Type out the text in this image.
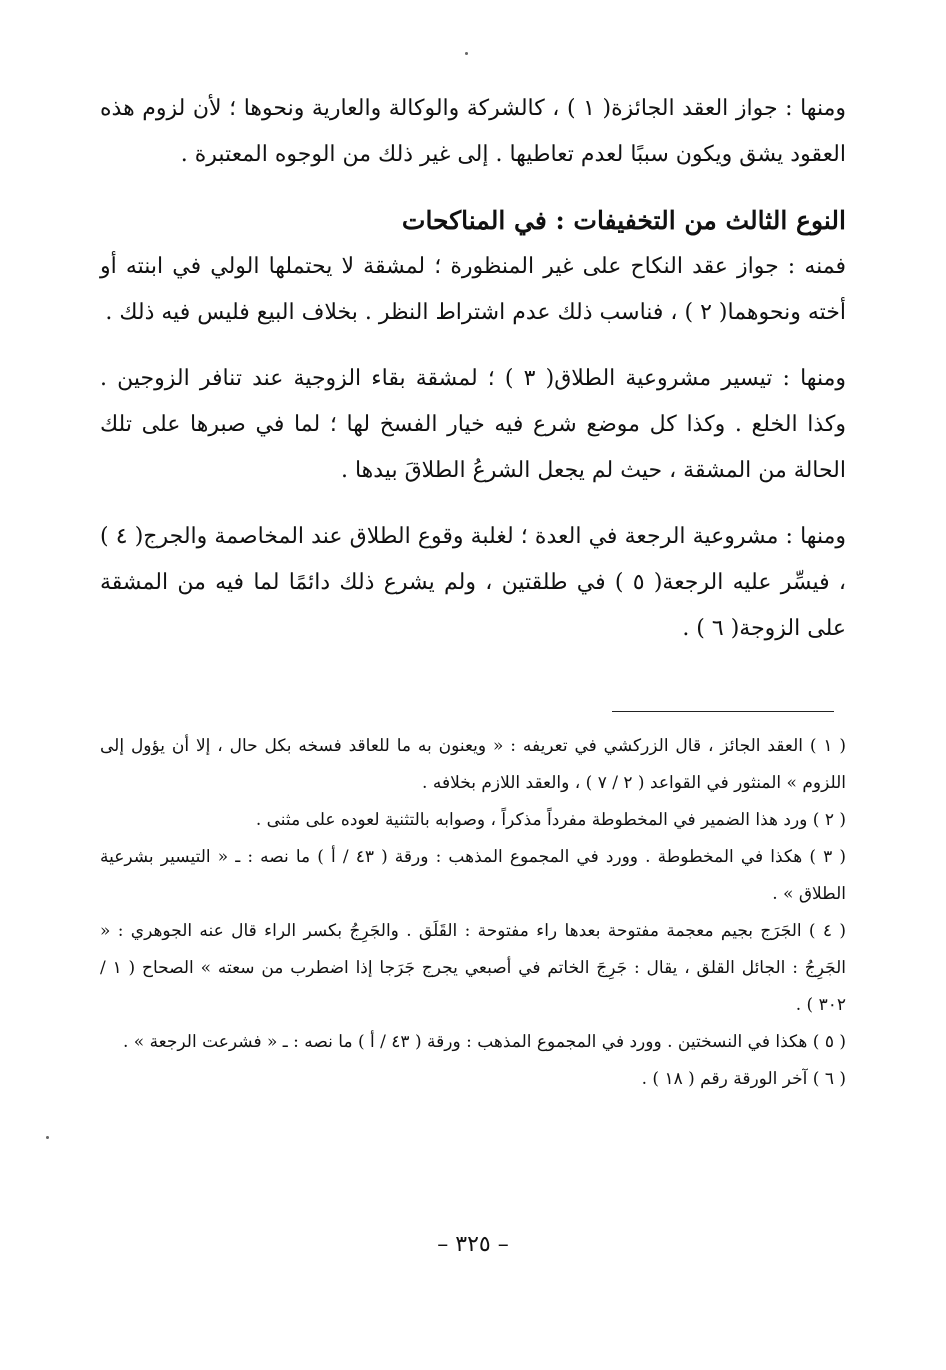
ومنها : جواز العقد الجائزة( ١ ) ، كالشركة والوكالة والعارية ونحوها ؛ لأن لزوم هذه العقود يشق ويكون سببًا لعدم تعاطيها . إلى غير ذلك من الوجوه المعتبرة .

النوع الثالث من التخفيفات : في المناكحات

فمنه : جواز عقد النكاح على غير المنظورة ؛ لمشقة لا يحتملها الولي في ابنته أو أخته ونحوهما( ٢ ) ، فناسب ذلك عدم اشتراط النظر . بخلاف البيع فليس فيه ذلك .

ومنها : تيسير مشروعية الطلاق( ٣ ) ؛ لمشقة بقاء الزوجية عند تنافر الزوجين . وكذا الخلع . وكذا كل موضع شرع فيه خيار الفسخ لها ؛ لما في صبرها على تلك الحالة من المشقة ، حيث لم يجعل الشرعُ الطلاقَ بيدها .

ومنها : مشروعية الرجعة في العدة ؛ لغلبة وقوع الطلاق عند المخاصمة والجرج( ٤ ) ، فيسِّر عليه الرجعة( ٥ ) في طلقتين ، ولم يشرع ذلك دائمًا لما فيه من المشقة على الزوجة( ٦ ) .

( ١ ) العقد الجائز ، قال الزركشي في تعريفه : « ويعنون به ما للعاقد فسخه بكل حال ، إلا أن يؤول إلى اللزوم » المنثور في القواعد ( ٢ / ٧ ) ، والعقد اللازم بخلافه .

( ٢ ) ورد هذا الضمير في المخطوطة مفرداً مذكراً ، وصوابه بالتثنية لعوده على مثنى .

( ٣ ) هكذا في المخطوطة . وورد في المجموع المذهب : ورقة ( ٤٣ / أ ) ما نصه : ـ « التيسير بشرعية الطلاق » .

( ٤ ) الجَرَج بجيم معجمة مفتوحة بعدها راء مفتوحة : القَلَق . والجَرِجُ بكسر الراء قال عنه الجوهري : « الجَرِجُ : الجائل القلق ، يقال : جَرِجَ الخاتم في أصبعي يجرج جَرَجا إذا اضطرب من سعته » الصحاح ( ١ / ٣٠٢ ) .

( ٥ ) هكذا في النسختين . وورد في المجموع المذهب : ورقة ( ٤٣ / أ ) ما نصه : ـ « فشرعت الرجعة » .

( ٦ ) آخر الورقة رقم ( ١٨ ) .

– ٣٢٥ –
